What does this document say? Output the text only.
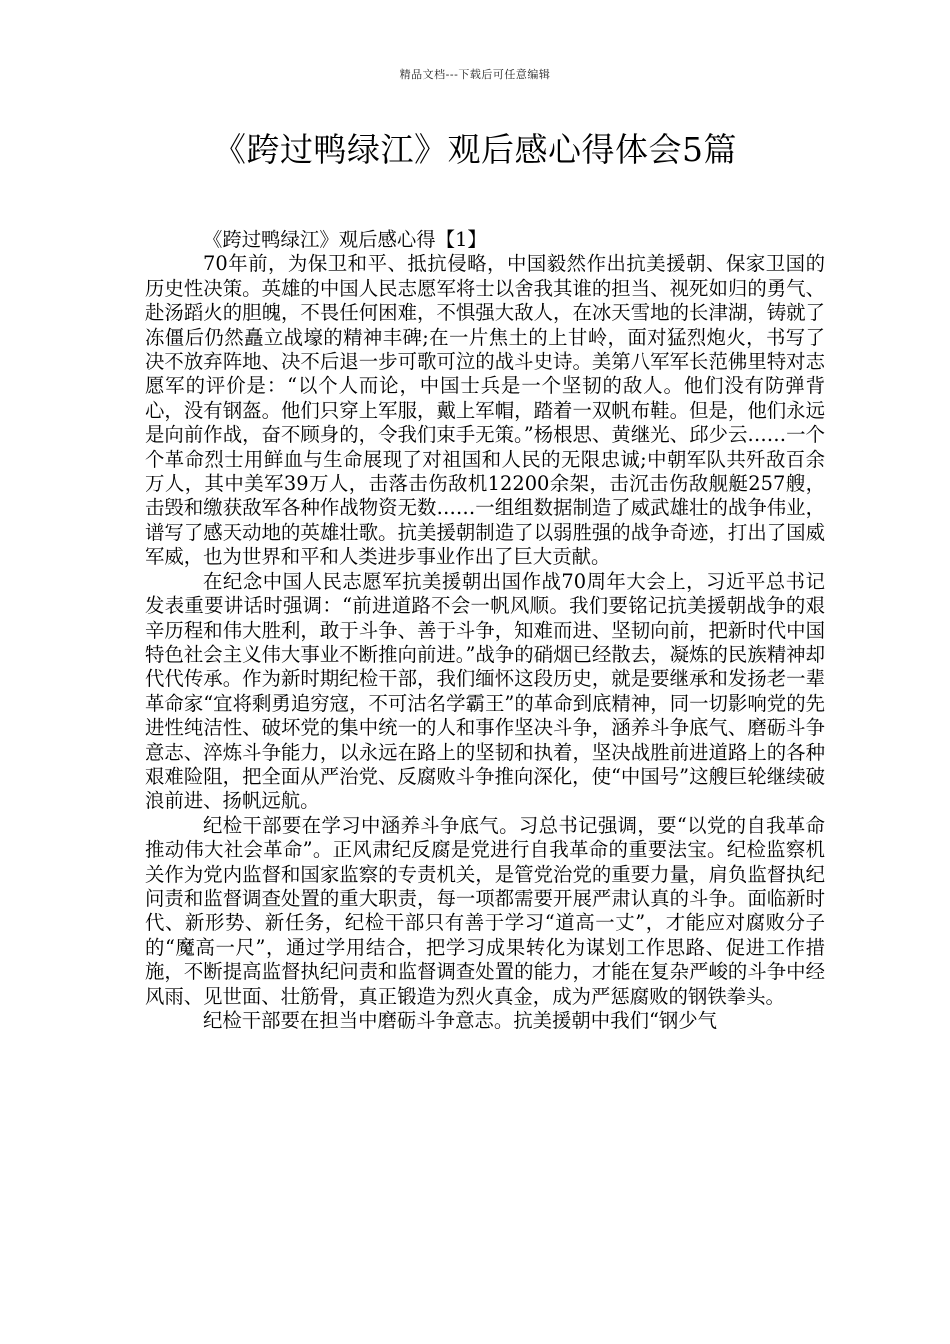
精品文档---下载后可任意编辑
《跨过鸭绿江》观后感心得体会5篇
《跨过鸭绿江》观后感心得【1】

70年前，为保卫和平、抵抗侵略，中国毅然作出抗美援朝、保家卫国的历史性决策。英雄的中国人民志愿军将士以舍我其谁的担当、视死如归的勇气、赴汤蹈火的胆魄，不畏任何困难，不惧强大敌人，在冰天雪地的长津湖，铸就了冻僵后仍然矗立战壕的精神丰碑;在一片焦土的上甘岭，面对猛烈炮火，书写了决不放弃阵地、决不后退一步可歌可泣的战斗史诗。美第八军军长范佛里特对志愿军的评价是：“以个人而论，中国士兵是一个坚韧的敌人。他们没有防弹背心，没有钢盔。他们只穿上军服，戴上军帽，踏着一双帆布鞋。但是，他们永远是向前作战，奋不顾身的，令我们束手无策。”杨根思、黄继光、邱少云……一个个革命烈士用鲜血与生命展现了对祖国和人民的无限忠诚;中朝军队共歼敌百余万人，其中美军39万人，击落击伤敌机12200余架，击沉击伤敌舰艇257艘，击毁和缴获敌军各种作战物资无数……一组组数据制造了威武雄壮的战争伟业，谱写了感天动地的英雄壮歌。抗美援朝制造了以弱胜强的战争奇迹，打出了国威军威，也为世界和平和人类进步事业作出了巨大贡献。

在纪念中国人民志愿军抗美援朝出国作战70周年大会上，习近平总书记发表重要讲话时强调：“前进道路不会一帆风顺。我们要铭记抗美援朝战争的艰辛历程和伟大胜利，敢于斗争、善于斗争，知难而进、坚韧向前，把新时代中国特色社会主义伟大事业不断推向前进。”战争的硝烟已经散去，凝炼的民族精神却代代传承。作为新时期纪检干部，我们缅怀这段历史，就是要继承和发扬老一辈革命家“宜将剩勇追穷寇，不可沽名学霸王”的革命到底精神，同一切影响党的先进性纯洁性、破坏党的集中统一的人和事作坚决斗争，涵养斗争底气、磨砺斗争意志、淬炼斗争能力，以永远在路上的坚韧和执着，坚决战胜前进道路上的各种艰难险阻，把全面从严治党、反腐败斗争推向深化，使“中国号”这艘巨轮继续破浪前进、扬帆远航。

纪检干部要在学习中涵养斗争底气。习总书记强调，要“以党的自我革命推动伟大社会革命”。正风肃纪反腐是党进行自我革命的重要法宝。纪检监察机关作为党内监督和国家监察的专责机关，是管党治党的重要力量，肩负监督执纪问责和监督调查处置的重大职责，每一项都需要开展严肃认真的斗争。面临新时代、新形势、新任务，纪检干部只有善于学习“道高一丈”，才能应对腐败分子的“魔高一尺”，通过学用结合，把学习成果转化为谋划工作思路、促进工作措施，不断提高监督执纪问责和监督调查处置的能力，才能在复杂严峻的斗争中经风雨、见世面、壮筋骨，真正锻造为烈火真金，成为严惩腐败的钢铁拳头。

纪检干部要在担当中磨砺斗争意志。抗美援朝中我们“钢少气
